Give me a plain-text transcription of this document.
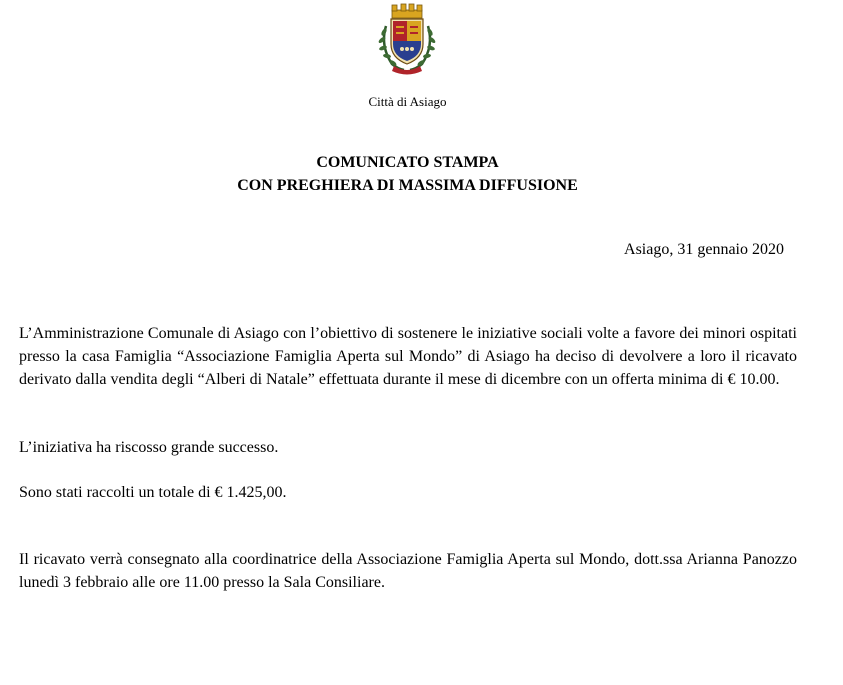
Città di Asiago
COMUNICATO STAMPA
CON PREGHIERA DI MASSIMA DIFFUSIONE
Asiago, 31 gennaio 2020

L’Amministrazione Comunale di Asiago con l’obiettivo di sostenere le iniziative sociali volte a favore dei minori ospitati presso la casa Famiglia “Associazione Famiglia Aperta sul Mondo” di Asiago ha deciso di devolvere a loro il ricavato derivato dalla vendita degli “Alberi di Natale” effettuata durante il mese di dicembre con un offerta minima di € 10.00.

L’iniziativa ha riscosso grande successo.

Sono stati raccolti un totale di € 1.425,00.

Il ricavato verrà consegnato alla coordinatrice della Associazione Famiglia Aperta sul Mondo, dott.ssa Arianna Panozzo lunedì 3 febbraio alle ore 11.00 presso la Sala Consiliare.
